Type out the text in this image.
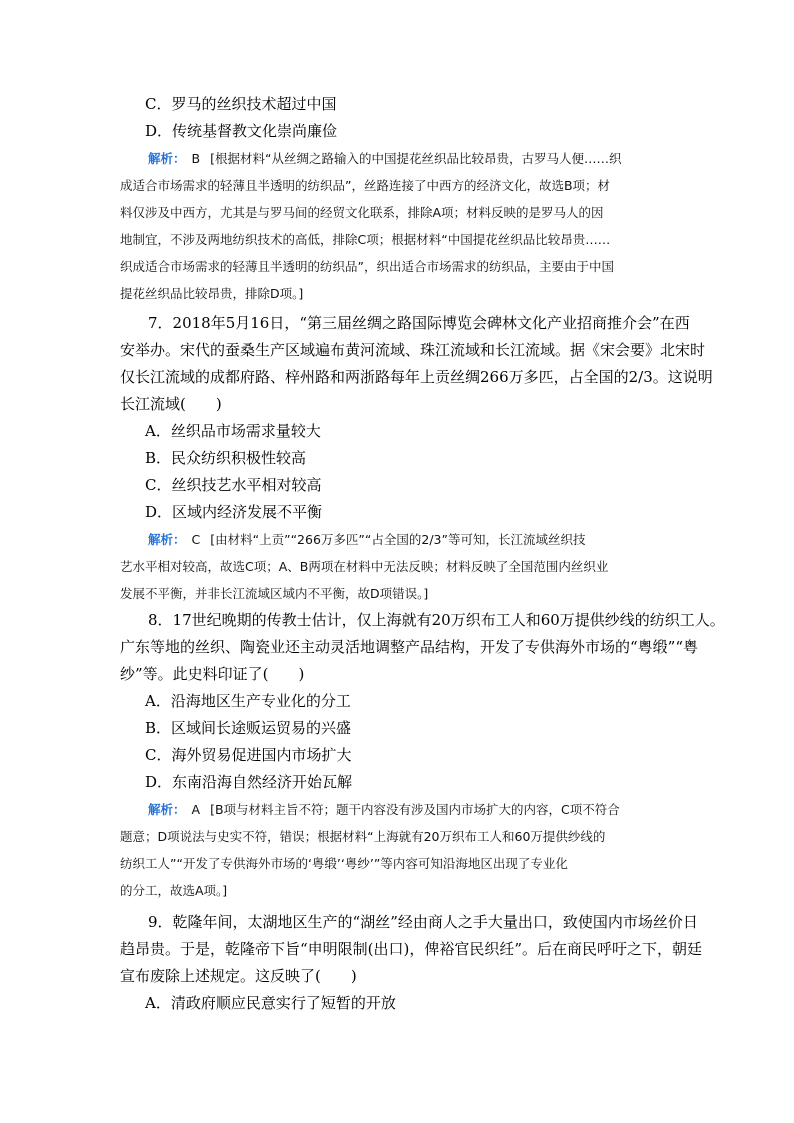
C．罗马的丝织技术超过中国
D．传统基督教文化崇尚廉俭
解析： B [根据材料“从丝绸之路输入的中国提花丝织品比较昂贵，古罗马人便……织
成适合市场需求的轻薄且半透明的纺织品”，丝路连接了中西方的经济文化，故选B项；材
料仅涉及中西方，尤其是与罗马间的经贸文化联系，排除A项；材料反映的是罗马人的因
地制宜，不涉及两地纺织技术的高低，排除C项；根据材料“中国提花丝织品比较昂贵……
织成适合市场需求的轻薄且半透明的纺织品”，织出适合市场需求的纺织品，主要由于中国
提花丝织品比较昂贵，排除D项。]
7．2018年5月16日，“第三届丝绸之路国际博览会碑林文化产业招商推介会”在西
安举办。宋代的蚕桑生产区域遍布黄河流域、珠江流域和长江流域。据《宋会要》北宋时
仅长江流域的成都府路、梓州路和两浙路每年上贡丝绸266万多匹，占全国的2/3。这说明
长江流域(　　)
A．丝织品市场需求量较大
B．民众纺织积极性较高
C．丝织技艺水平相对较高
D．区域内经济发展不平衡
解析： C [由材料“上贡”“266万多匹”“占全国的2/3”等可知，长江流域丝织技
艺水平相对较高，故选C项；A、B两项在材料中无法反映；材料反映了全国范围内丝织业
发展不平衡，并非长江流域区域内不平衡，故D项错误。]
8．17世纪晚期的传教士估计，仅上海就有20万织布工人和60万提供纱线的纺织工人。
广东等地的丝织、陶瓷业还主动灵活地调整产品结构，开发了专供海外市场的“粤缎”“粤
纱”等。此史料印证了(　　)
A．沿海地区生产专业化的分工
B．区域间长途贩运贸易的兴盛
C．海外贸易促进国内市场扩大
D．东南沿海自然经济开始瓦解
解析： A [B项与材料主旨不符；题干内容没有涉及国内市场扩大的内容，C项不符合
题意；D项说法与史实不符，错误；根据材料“上海就有20万织布工人和60万提供纱线的
纺织工人”“开发了专供海外市场的‘粤缎’‘粤纱’”等内容可知沿海地区出现了专业化
的分工，故选A项。]
9．乾隆年间，太湖地区生产的“湖丝”经由商人之手大量出口，致使国内市场丝价日
趋昂贵。于是，乾隆帝下旨“申明限制(出口)，俾裕官民织纴”。后在商民呼吁之下，朝廷
宣布废除上述规定。这反映了(　　)
A．清政府顺应民意实行了短暂的开放
